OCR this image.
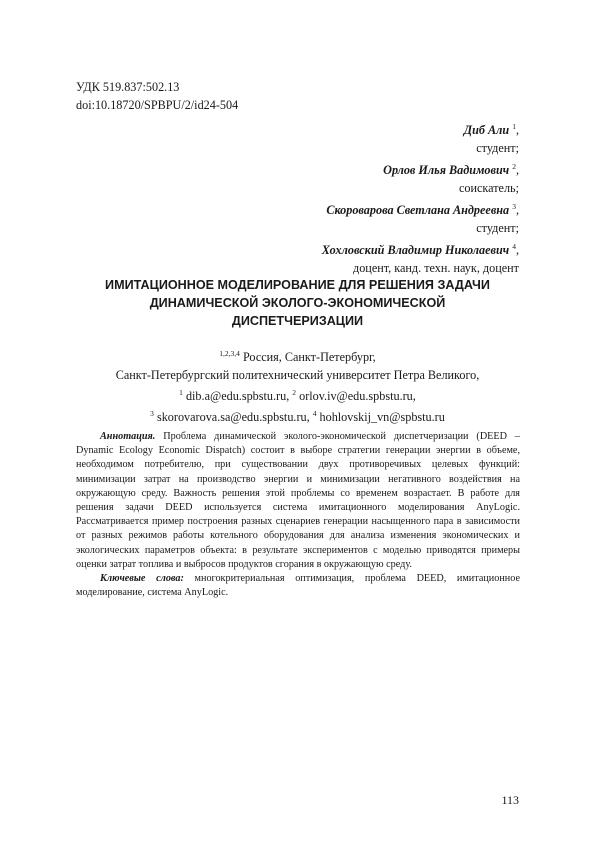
УДК 519.837:502.13
doi:10.18720/SPBPU/2/id24-504
Диб Али $^1$,
студент;
Орлов Илья Вадимович $^2$,
соискатель;
Скороварова Светлана Андреевна $^3$,
студент;
Хохловский Владимир Николаевич $^4$,
доцент, канд. техн. наук, доцент
ИМИТАЦИОННОЕ МОДЕЛИРОВАНИЕ ДЛЯ РЕШЕНИЯ ЗАДАЧИ
ДИНАМИЧЕСКОЙ ЭКОЛОГО-ЭКОНОМИЧЕСКОЙ
ДИСПЕТЧЕРИЗАЦИИ
$^{1,2,3,4}$ Россия, Санкт-Петербург,
Санкт-Петербургский политехнический университет Петра Великого,
$^1$ dib.a@edu.spbstu.ru, $^2$ orlov.iv@edu.spbstu.ru,
$^3$ skorovarova.sa@edu.spbstu.ru, $^4$ hohlovskij_vn@spbstu.ru

Аннотация. Проблема динамической эколого-экономической диспетчеризации (DEED – Dynamic Ecology Economic Dispatch) состоит в выборе стратегии генерации энергии в объеме, необходимом потребителю, при существовании двух противоречивых целевых функций: минимизации затрат на производство энергии и минимизации негативного воздействия на окружающую среду. Важность решения этой проблемы со временем возрастает. В работе для решения задачи DEED используется система имитационного моделирования AnyLogic. Рассматривается пример построения разных сценариев генерации насыщенного пара в зависимости от разных режимов работы котельного оборудования для анализа изменения экономических и экологических параметров объекта: в результате экспериментов с моделью приводятся примеры оценки затрат топлива и выбросов продуктов сгорания в окружающую среду.

Ключевые слова: многокритериальная оптимизация, проблема DEED, имитационное моделирование, система AnyLogic.

113
